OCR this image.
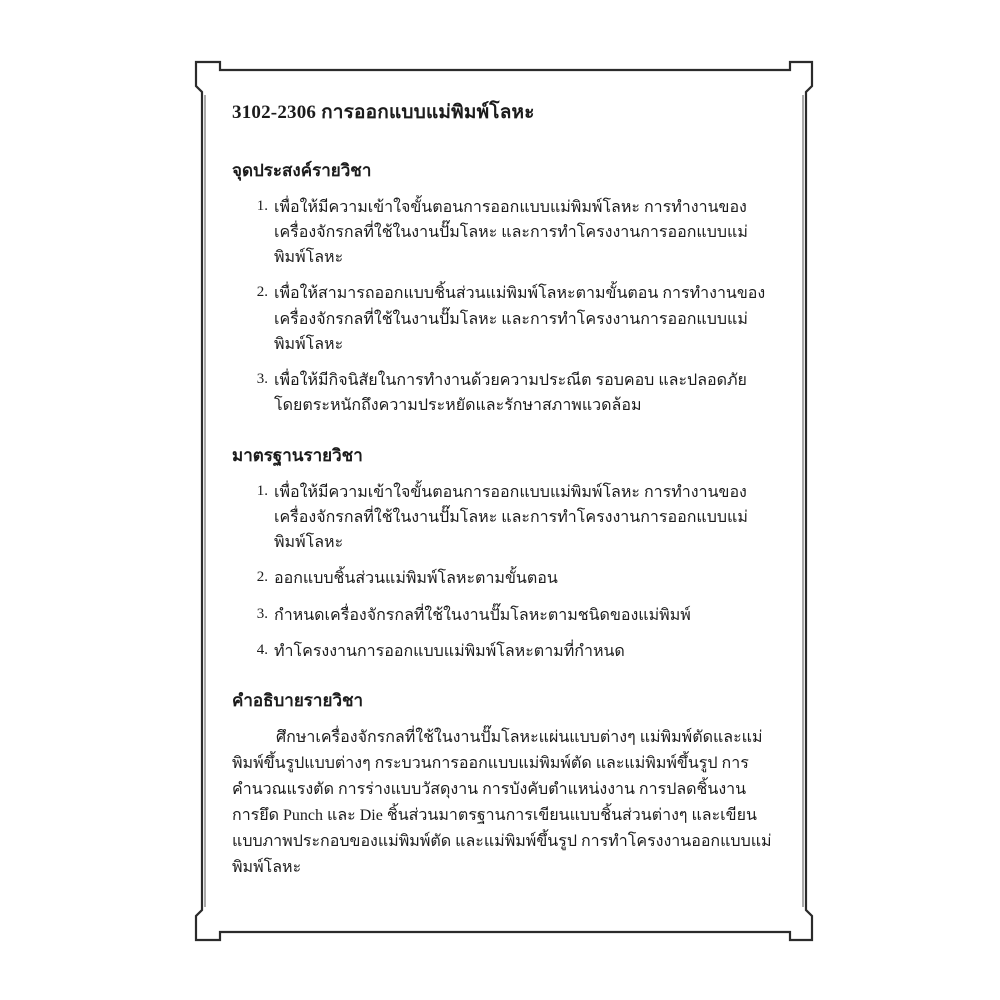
3102-2306 การออกแบบแม่พิมพ์โลหะ
จุดประสงค์รายวิชา
1. เพื่อให้มีความเข้าใจขั้นตอนการออกแบบแม่พิมพ์โลหะ การทำงานของเครื่องจักรกลที่ใช้ในงานปั๊มโลหะ และการทำโครงงานการออกแบบแม่พิมพ์โลหะ
2. เพื่อให้สามารถออกแบบชิ้นส่วนแม่พิมพ์โลหะตามขั้นตอน การทำงานของเครื่องจักรกลที่ใช้ในงานปั๊มโลหะ และการทำโครงงานการออกแบบแม่พิมพ์โลหะ
3. เพื่อให้มีกิจนิสัยในการทำงานด้วยความประณีต รอบคอบ และปลอดภัย โดยตระหนักถึงความประหยัดและรักษาสภาพแวดล้อม
มาตรฐานรายวิชา
1. เพื่อให้มีความเข้าใจขั้นตอนการออกแบบแม่พิมพ์โลหะ การทำงานของเครื่องจักรกลที่ใช้ในงานปั๊มโลหะ และการทำโครงงานการออกแบบแม่พิมพ์โลหะ
2. ออกแบบชิ้นส่วนแม่พิมพ์โลหะตามขั้นตอน
3. กำหนดเครื่องจักรกลที่ใช้ในงานปั๊มโลหะตามชนิดของแม่พิมพ์
4. ทำโครงงานการออกแบบแม่พิมพ์โลหะตามที่กำหนด
คำอธิบายรายวิชา

ศึกษาเครื่องจักรกลที่ใช้ในงานปั๊มโลหะแผ่นแบบต่างๆ แม่พิมพ์ตัดและแม่พิมพ์ขึ้นรูปแบบต่างๆ กระบวนการออกแบบแม่พิมพ์ตัด และแม่พิมพ์ขึ้นรูป การคำนวณแรงตัด การร่างแบบวัสดุงาน การบังคับตำแหน่งงาน การปลดชิ้นงาน การยึด Punch และ Die ชิ้นส่วนมาตรฐานการเขียนแบบชิ้นส่วนต่างๆ และเขียนแบบภาพประกอบของแม่พิมพ์ตัด และแม่พิมพ์ขึ้นรูป การทำโครงงานออกแบบแม่พิมพ์โลหะ
